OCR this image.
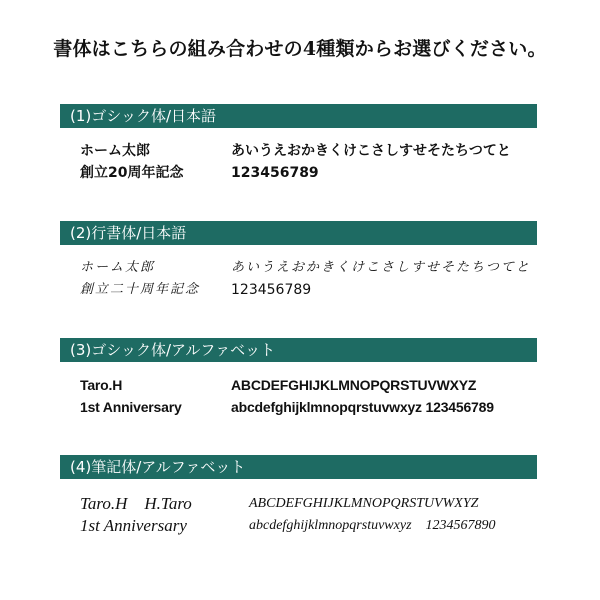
書体はこちらの組み合わせの4種類からお選びください。
(1)ゴシック体/日本語
ホーム太郎	あいうえおかきくけこさしすせそたちつてと
創立20周年記念	123456789
(2)行書体/日本語
ホーム太郎	あいうえおかきくけこさしすせそたちつてと
創立二十周年記念 123456789
(3)ゴシック体/アルファベット
Taro.H	ABCDEFGHIJKLMNOPQRSTUVWXYZ
1st Anniversary	abcdefghijklmnopqrstuvwxyz 123456789
(4)筆記体/アルファベット
Taro.H　H.Taro	ABCDEFGHIJKLMNOPQRSTUVWXYZ
1st Anniversary	abcdefghijklmnopqrstuvwxyz　1234567890
